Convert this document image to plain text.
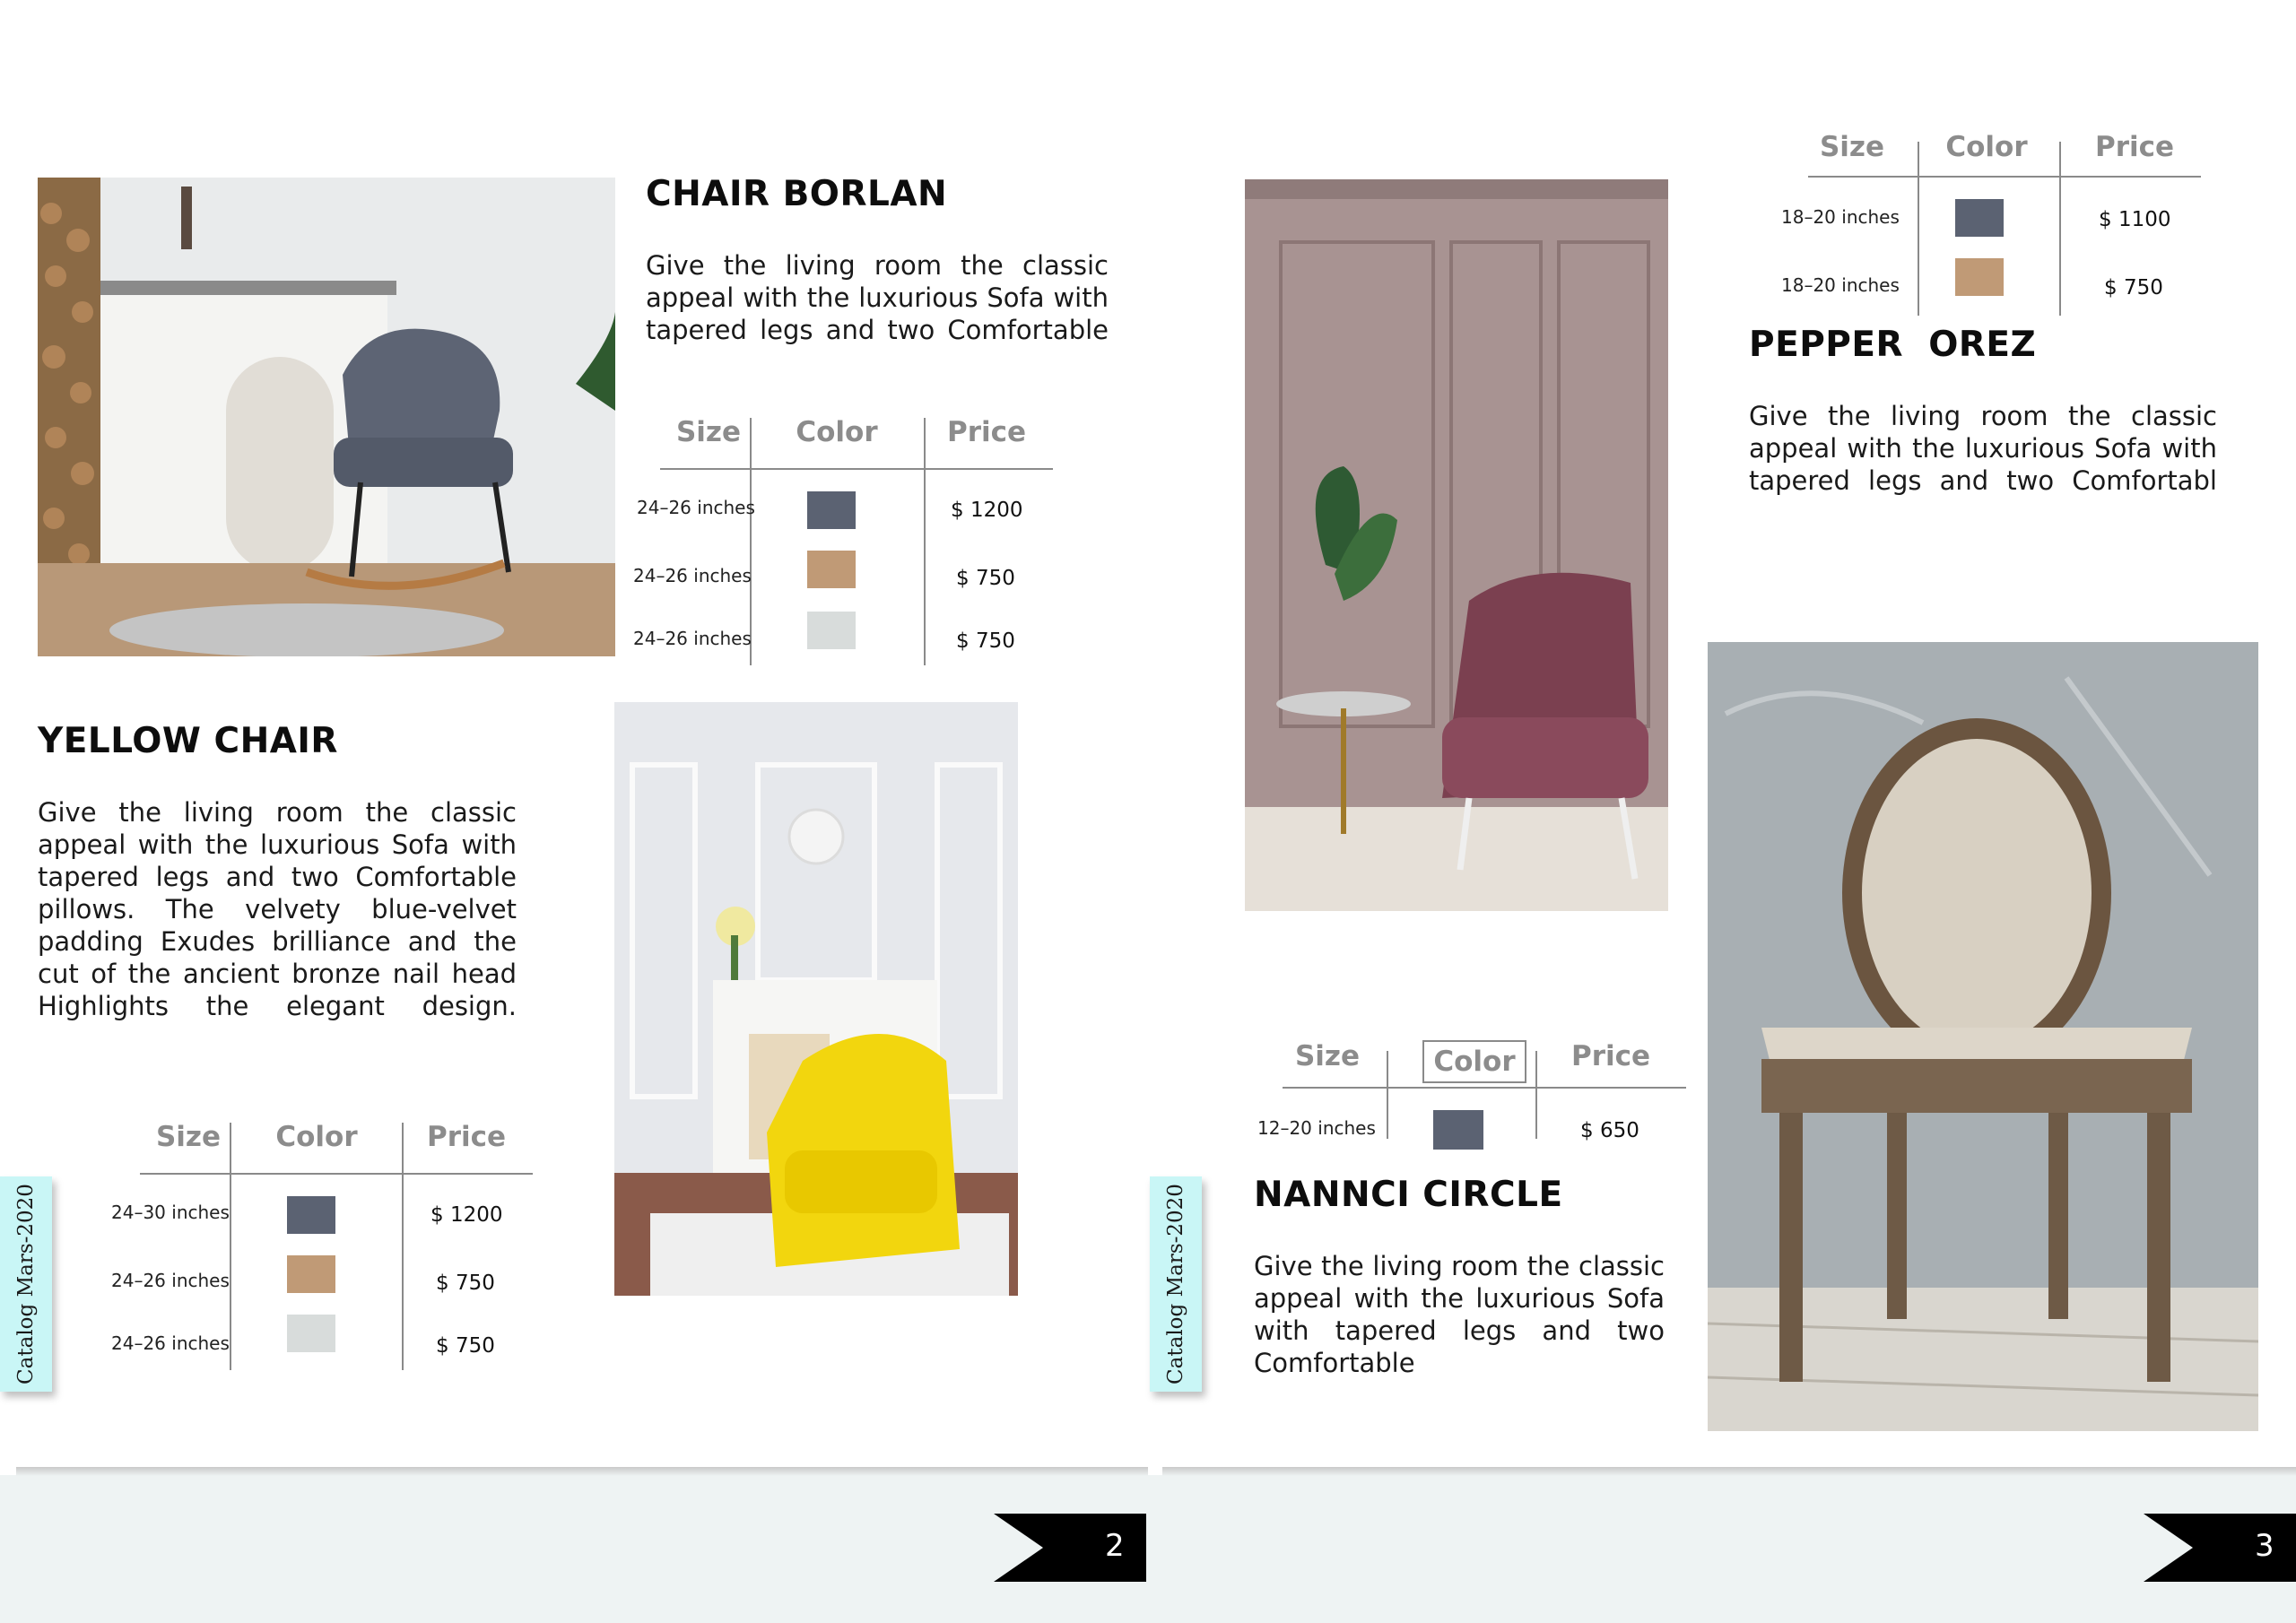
CHAIR BORLAN
Give the living room the classic appeal with the luxurious Sofa with tapered legs and two Comfortable
Size	Color	Price
24–26 inches	$ 1200
24–26 inches	$ 750
24–26 inches	$ 750
YELLOW CHAIR
Give the living room the classic appeal with the luxurious Sofa with tapered legs and two Comfortable pillows. The velvety blue-velvet padding Exudes brilliance and the cut of the ancient bronze nail head Highlights the elegant design.
Size	Color	Price
24–30 inches	$ 1200
24–26 inches	$ 750
24–26 inches	$ 750
Catalog Mars-2020
Size	Color	Price
18–20 inches	$ 1100
18–20 inches	$ 750
PEPPER  OREZ
Give the living room the classic appeal with the luxurious Sofa with tapered legs and two Comfortabl
Size	Color	Price
12–20 inches	$ 650
NANNCI CIRCLE
Give the living room the classic appeal with the luxurious Sofa with tapered legs and two Comfortable
Catalog Mars-2020
2	3
